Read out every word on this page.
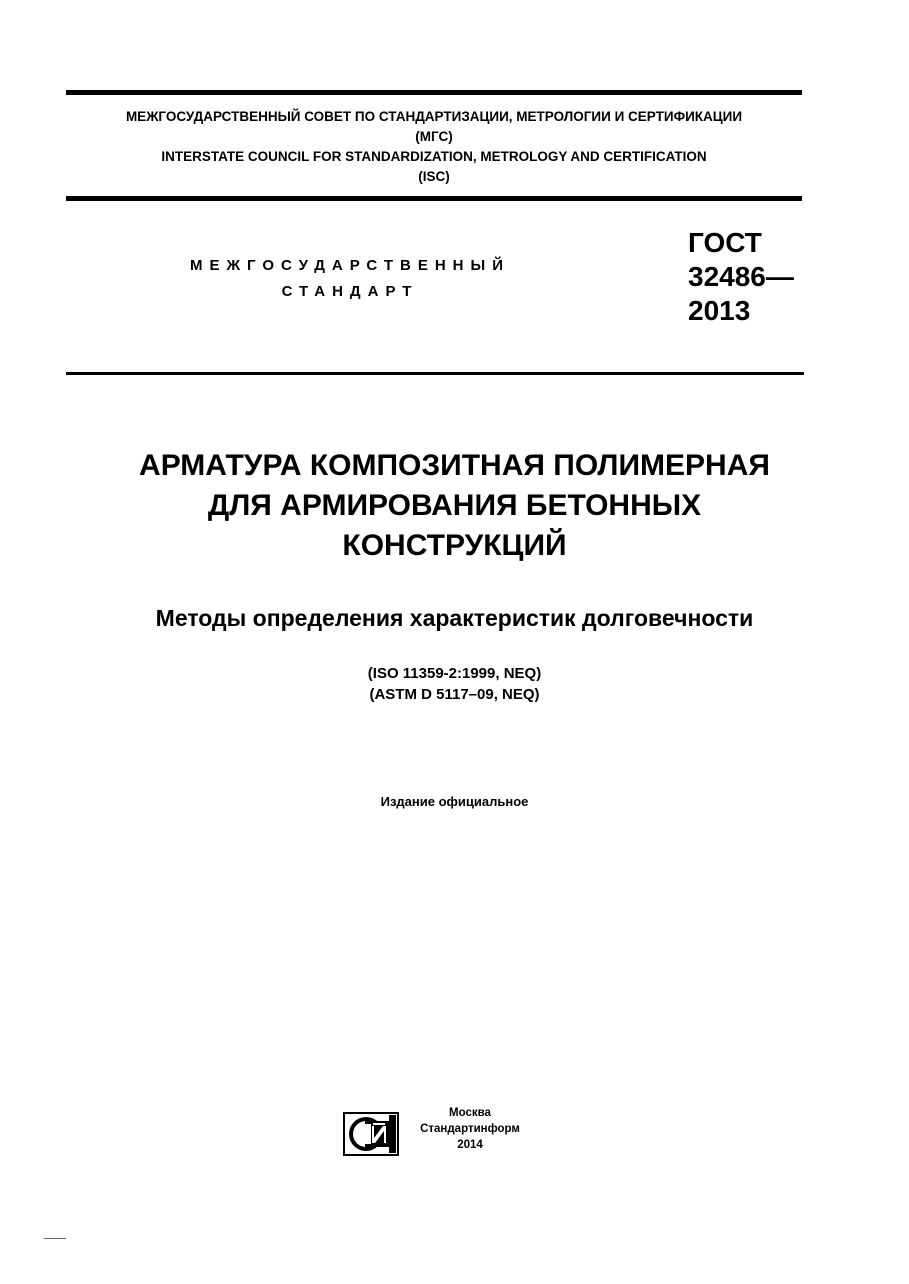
МЕЖГОСУДАРСТВЕННЫЙ СОВЕТ ПО СТАНДАРТИЗАЦИИ, МЕТРОЛОГИИ И СЕРТИФИКАЦИИ
(МГС)
INTERSTATE COUNCIL FOR STANDARDIZATION, METROLOGY AND CERTIFICATION
(ISC)
МЕЖГОСУДАРСТВЕННЫЙ
СТАНДАРТ
ГОСТ
32486—
2013
АРМАТУРА КОМПОЗИТНАЯ ПОЛИМЕРНАЯ
ДЛЯ АРМИРОВАНИЯ БЕТОННЫХ
КОНСТРУКЦИЙ
Методы определения характеристик долговечности
(ISO 11359-2:1999, NEQ)
(ASTM D 5117–09, NEQ)
Издание официальное
Москва
Стандартинформ
2014
